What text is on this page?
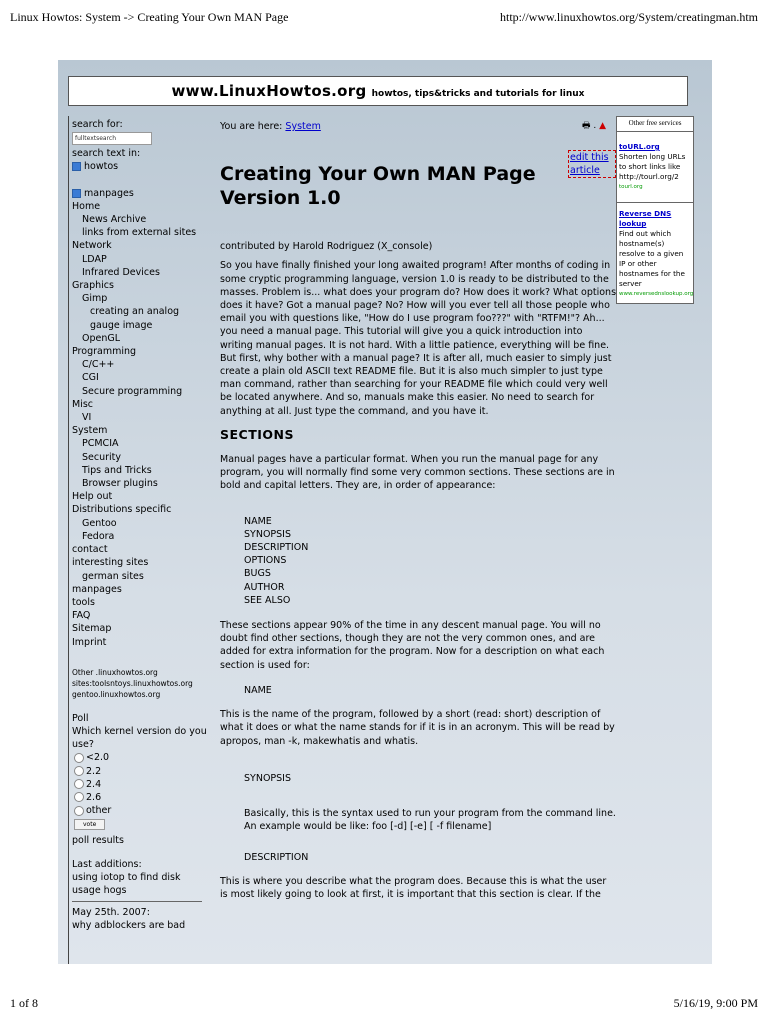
Linux Howtos: System -> Creating Your Own MAN Page	http://www.linuxhowtos.org/System/creatingman.htm
www.LinuxHowtos.org howtos, tips&tricks and tutorials for linux
search for:
fulltextsearch
search text in:
howtos
manpages
Home
News Archive
links from external sites
Network
LDAP
Infrared Devices
Graphics
Gimp
creating an analog
gauge image
OpenGL
Programming
C/C++
CGI
Secure programming
Misc
VI
System
PCMCIA
Security
Tips and Tricks
Browser plugins
Help out
Distributions specific
Gentoo
Fedora
contact
interesting sites
german sites
manpages
tools
FAQ
Sitemap
Imprint
Other .linuxhowtos.org sites:toolsntoys.linuxhowtos.org gentoo.linuxhowtos.org
Poll
Which kernel version do you use?
<2.0
2.2
2.4
2.6
other
vote
poll results
Last additions:
using iotop to find disk usage hogs
May 25th. 2007:
why adblockers are bad
You are here: System	🖶 . ▲
edit this article
Creating Your Own MAN Page
Version 1.0

contributed by Harold Rodriguez (X_console)

So you have finally finished your long awaited program! After months of coding in some cryptic programming language, version 1.0 is ready to be distributed to the masses. Problem is... what does your program do? How does it work? What options does it have? Got a manual page? No? How will you ever tell all those people who email you with questions like, "How do I use program foo???" with "RTFM!"? Ah... you need a manual page. This tutorial will give you a quick introduction into writing manual pages. It is not hard. With a little patience, everything will be fine. But first, why bother with a manual page? It is after all, much easier to simply just create a plain old ASCII text README file. But it is also much simpler to just type man command, rather than searching for your README file which could very well be located anywhere. And so, manuals make this easier. No need to search for anything at all. Just type the command, and you have it.

SECTIONS

Manual pages have a particular format. When you run the manual page for any program, you will normally find some very common sections. These sections are in bold and capital letters. They are, in order of appearance:

NAME
SYNOPSIS
DESCRIPTION
OPTIONS
BUGS
AUTHOR
SEE ALSO

These sections appear 90% of the time in any descent manual page. You will no doubt find other sections, though they are not the very common ones, and are added for extra information for the program. Now for a description on what each section is used for:

NAME

This is the name of the program, followed by a short (read: short) description of what it does or what the name stands for if it is in an acronym. This will be read by apropos, man -k, makewhatis and whatis.

SYNOPSIS

Basically, this is the syntax used to run your program from the command line. An example would be like: foo [-d] [-e] [ -f filename]

DESCRIPTION

This is where you describe what the program does. Because this is what the user is most likely going to look at first, it is important that this section is clear. If the

Other free services
toURL.org
Shorten long URLs to short links like http://tourl.org/2
tourl.org
Reverse DNS lookup
Find out which hostname(s) resolve to a given IP or other hostnames for the server
www.reversednslookup.org
1 of 8	5/16/19, 9:00 PM
